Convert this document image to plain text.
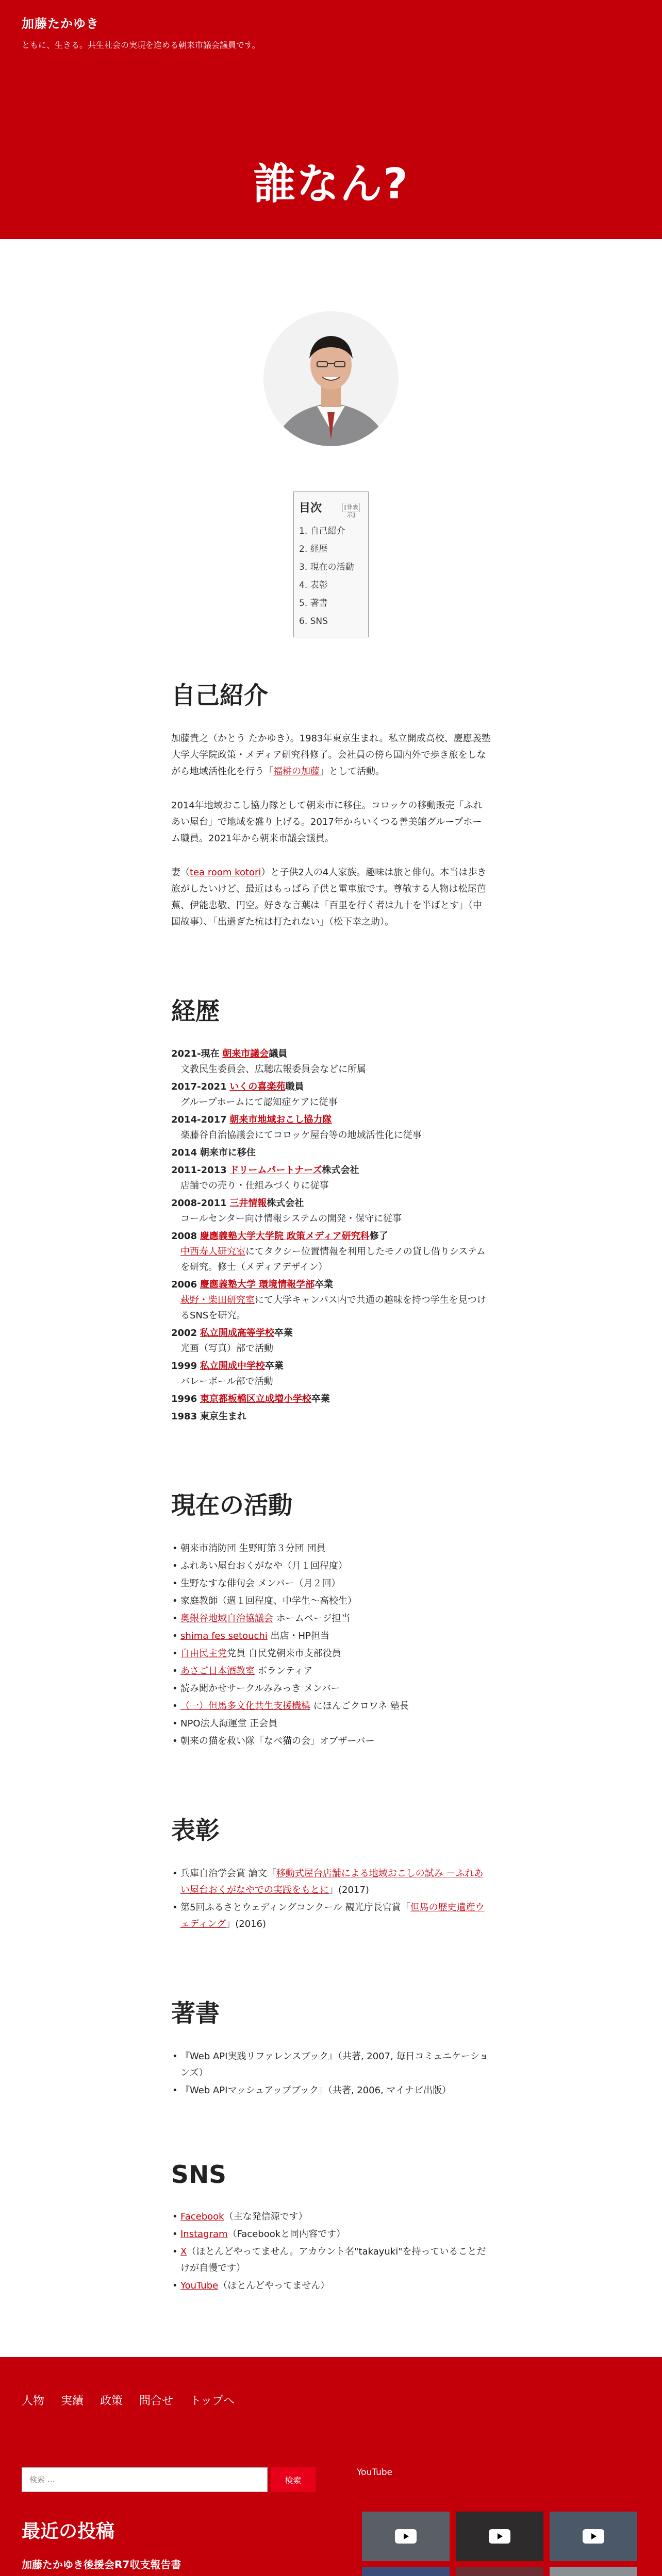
加藤たかゆき
ともに、生きる。共生社会の実現を進める朝来市議会議員です。
誰なん?
目次	[非表示]
1. 自己紹介
2. 経歴
3. 現在の活動
4. 表彰
5. 著書
6. SNS
自己紹介

加藤貴之（かとう たかゆき）。1983年東京生まれ。私立開成高校、慶應義塾大学大学院政策・メディア研究科修了。会社員の傍ら国内外で歩き旅をしながら地域活性化を行う「福耕の加藤」として活動。

2014年地域おこし協力隊として朝来市に移住。コロッケの移動販売「ふれあい屋台」で地域を盛り上げる。2017年からいくつる善美館グループホーム職員。2021年から朝来市議会議員。

妻（tea room kotori）と子供2人の4人家族。趣味は旅と俳句。本当は歩き旅がしたいけど、最近はもっぱら子供と電車旅です。尊敬する人物は松尾芭蕉、伊能忠敬、円空。好きな言葉は「百里を行く者は九十を半ばとす」（中国故事）、「出過ぎた杭は打たれない」（松下幸之助）。

経歴
2021-現在 朝来市議会議員
文教民生委員会、広聴広報委員会などに所属
2017-2021 いくの喜楽苑職員
グループホームにて認知症ケアに従事
2014-2017 朝来市地域おこし協力隊
楽藤谷自治協議会にてコロッケ屋台等の地域活性化に従事
2014 朝来市に移住
2011-2013 ドリームパートナーズ株式会社
店舗での売り・仕組みづくりに従事
2008-2011 三井情報株式会社
コールセンター向け情報システムの開発・保守に従事
2008 慶應義塾大学大学院 政策メディア研究科修了
中西寿人研究室にてタクシー位置情報を利用したモノの貸し借りシステムを研究。修士（メディアデザイン）
2006 慶應義塾大学 環境情報学部卒業
萩野・柴田研究室にて大学キャンパス内で共通の趣味を持つ学生を見つけるSNSを研究。
2002 私立開成高等学校卒業
光画（写真）部で活動
1999 私立開成中学校卒業
バレーボール部で活動
1996 東京都板橋区立成増小学校卒業
1983 東京生まれ
現在の活動
• 朝来市消防団 生野町第３分団 団員
• ふれあい屋台おくがなや（月１回程度）
• 生野なすな俳句会 メンバー（月２回）
• 家庭教師（週１回程度、中学生〜高校生）
• 奥銀谷地域自治協議会 ホームページ担当
• shima fes setouchi 出店・HP担当
• 自由民主党党員 自民党朝来市支部役員
• あさご日本酒教室 ボランティア
• 読み聞かせサークルみみっき メンバー
• （一）但馬多文化共生支援機構 にほんごクロワネ 塾長
• NPO法人海運堂 正会員
• 朝来の猫を救い隊「なべ猫の会」オブザーバー
表彰
• 兵庫自治学会賞 論文「移動式屋台店舗による地域おこしの試み －ふれあい屋台おくがなやでの実践をもとに」(2017)
• 第5回ふるさとウェディングコンクール 観光庁長官賞「但馬の歴史遺産ウェディング」(2016)
著書
• 『Web API実践リファレンスブック』（共著, 2007, 毎日コミュニケーションズ）
• 『Web APIマッシュアップブック』（共著, 2006, マイナビ出版）
SNS
• Facebook（主な発信源です）
• Instagram（Facebookと同内容です）
• X（ほとんどやってません。アカウント名"takayuki"を持っていることだけが自慢です）
• YouTube（ほとんどやってません）
人物 実績 政策 問合せ トップへ
検索 …
検索
最近の投稿
加藤たかゆき後援会R7収支報告書
YouTube
